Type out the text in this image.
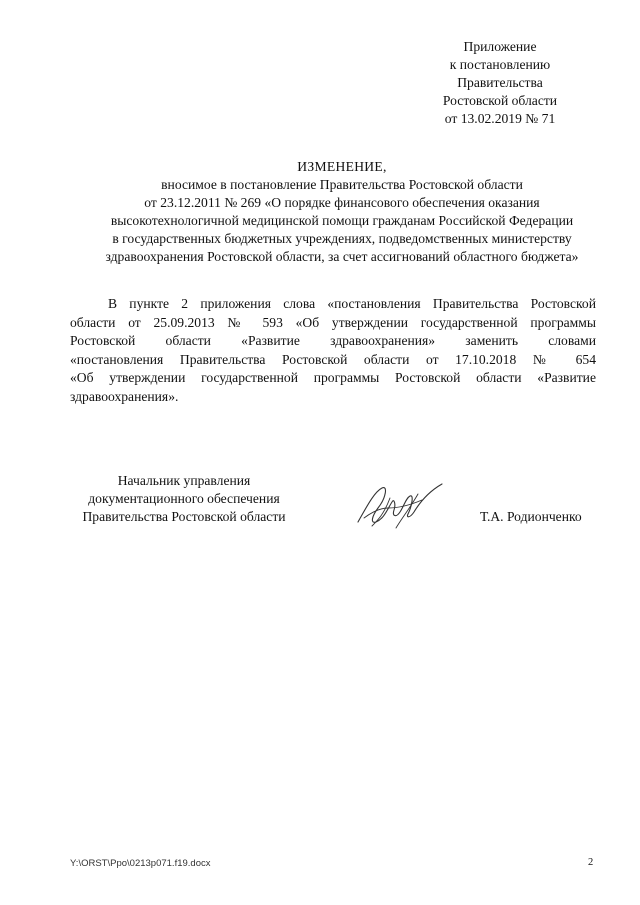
Приложение
к постановлению
Правительства
Ростовской области
от 13.02.2019 № 71
ИЗМЕНЕНИЕ,
вносимое в постановление Правительства Ростовской области
от 23.12.2011 № 269 «О порядке финансового обеспечения оказания
высокотехнологичной медицинской помощи гражданам Российской Федерации
в государственных бюджетных учреждениях, подведомственных министерству
здравоохранения Ростовской области, за счет ассигнований областного бюджета»
В пункте 2 приложения слова «постановления Правительства Ростовской
области от 25.09.2013 № 593 «Об утверждении государственной программы
Ростовской области «Развитие здравоохранения» заменить словами
«постановления Правительства Ростовской области от 17.10.2018 № 654
«Об утверждении государственной программы Ростовской области «Развитие
здравоохранения».
Начальник управления
документационного обеспечения
Правительства Ростовской области	Т.А. Родионченко
Y:\ORST\Ppo\0213p071.f19.docx	2
